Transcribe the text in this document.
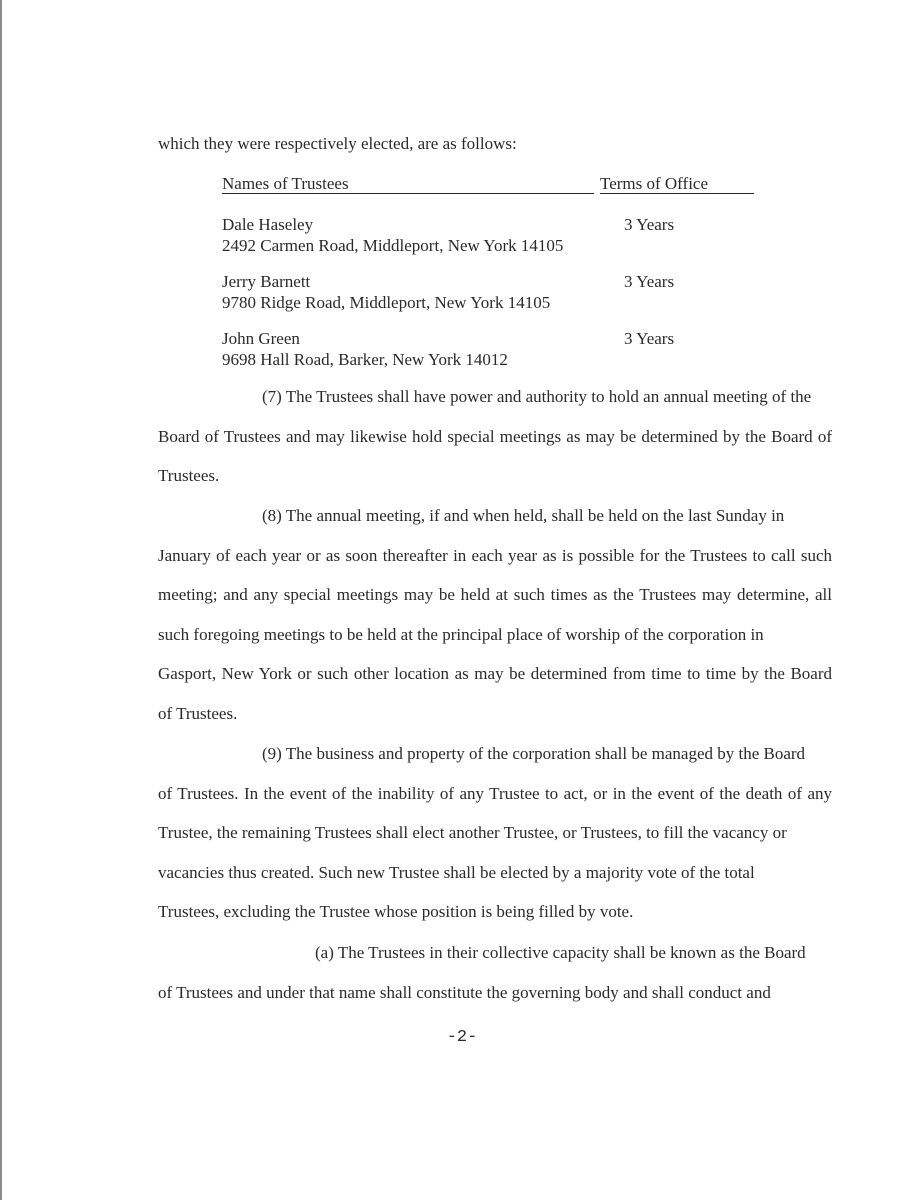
which they were respectively elected, are as follows:
Names of Trustees	Terms of Office
Dale Haseley
2492 Carmen Road, Middleport, New York 14105
3 Years
Jerry Barnett
9780 Ridge Road, Middleport, New York 14105
3 Years
John Green
9698 Hall Road, Barker, New York 14012
3 Years
(7) The Trustees shall have power and authority to hold an annual meeting of the
Board of Trustees and may likewise hold special meetings as may be determined by the Board of
Trustees.
(8) The annual meeting, if and when held, shall be held on the last Sunday in
January of each year or as soon thereafter in each year as is possible for the Trustees to call such
meeting; and any special meetings may be held at such times as the Trustees may determine, all
such foregoing meetings to be held at the principal place of worship of the corporation in
Gasport, New York or such other location as may be determined from time to time by the Board
of Trustees.
(9) The business and property of the corporation shall be managed by the Board
of Trustees. In the event of the inability of any Trustee to act, or in the event of the death of any
Trustee, the remaining Trustees shall elect another Trustee, or Trustees, to fill the vacancy or
vacancies thus created. Such new Trustee shall be elected by a majority vote of the total
Trustees, excluding the Trustee whose position is being filled by vote.
(a) The Trustees in their collective capacity shall be known as the Board
of Trustees and under that name shall constitute the governing body and shall conduct and
-2-
